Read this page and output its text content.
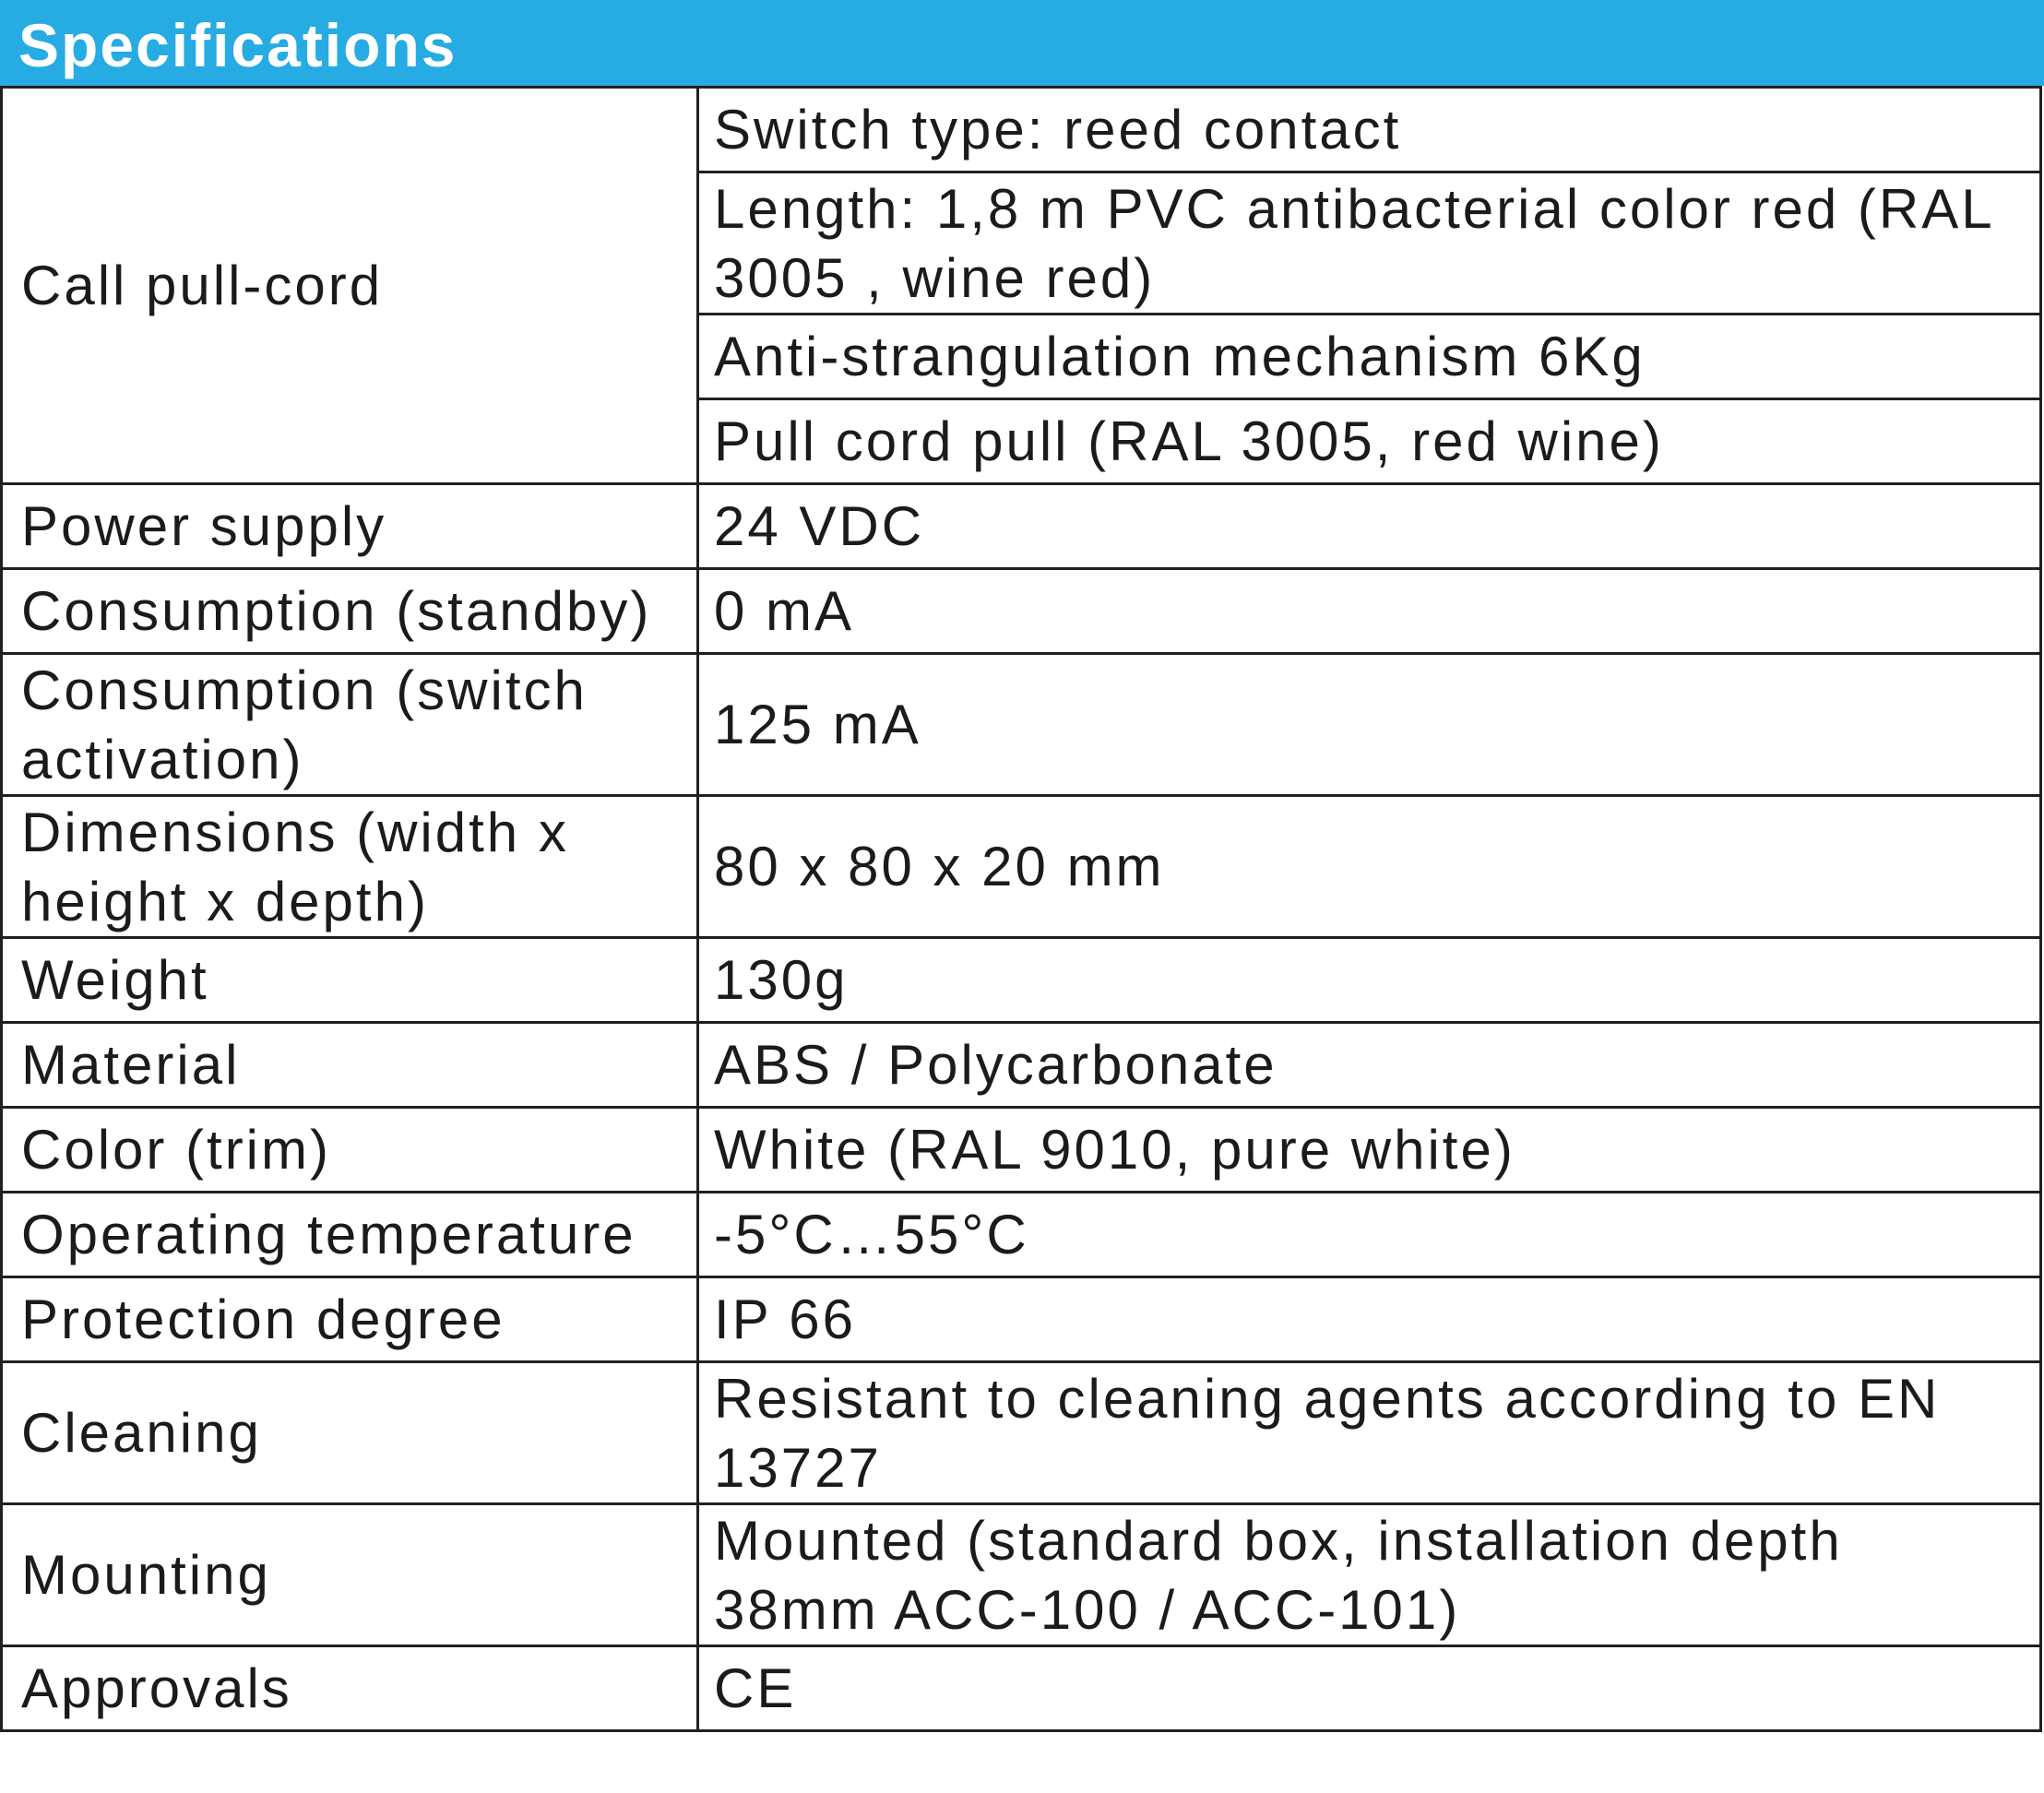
Specifications
Call pull-cord	Switch type: reed contact
	Length: 1,8 m PVC antibacterial color red (RAL 3005 , wine red)
	Anti-strangulation mechanism 6Kg
	Pull cord pull (RAL 3005, red wine)
Power supply	24 VDC
Consumption (standby)	0 mA
Consumption (switch activation)	125 mA
Dimensions (width x height x depth)	80 x 80 x 20 mm
Weight	130g
Material	ABS / Polycarbonate
Color (trim)	White (RAL 9010, pure white)
Operating temperature	-5°C…55°C
Protection degree	IP 66
Cleaning	Resistant to cleaning agents according to EN 13727
Mounting	Mounted (standard box, installation depth 38mm ACC-100 / ACC-101)
Approvals	CE
